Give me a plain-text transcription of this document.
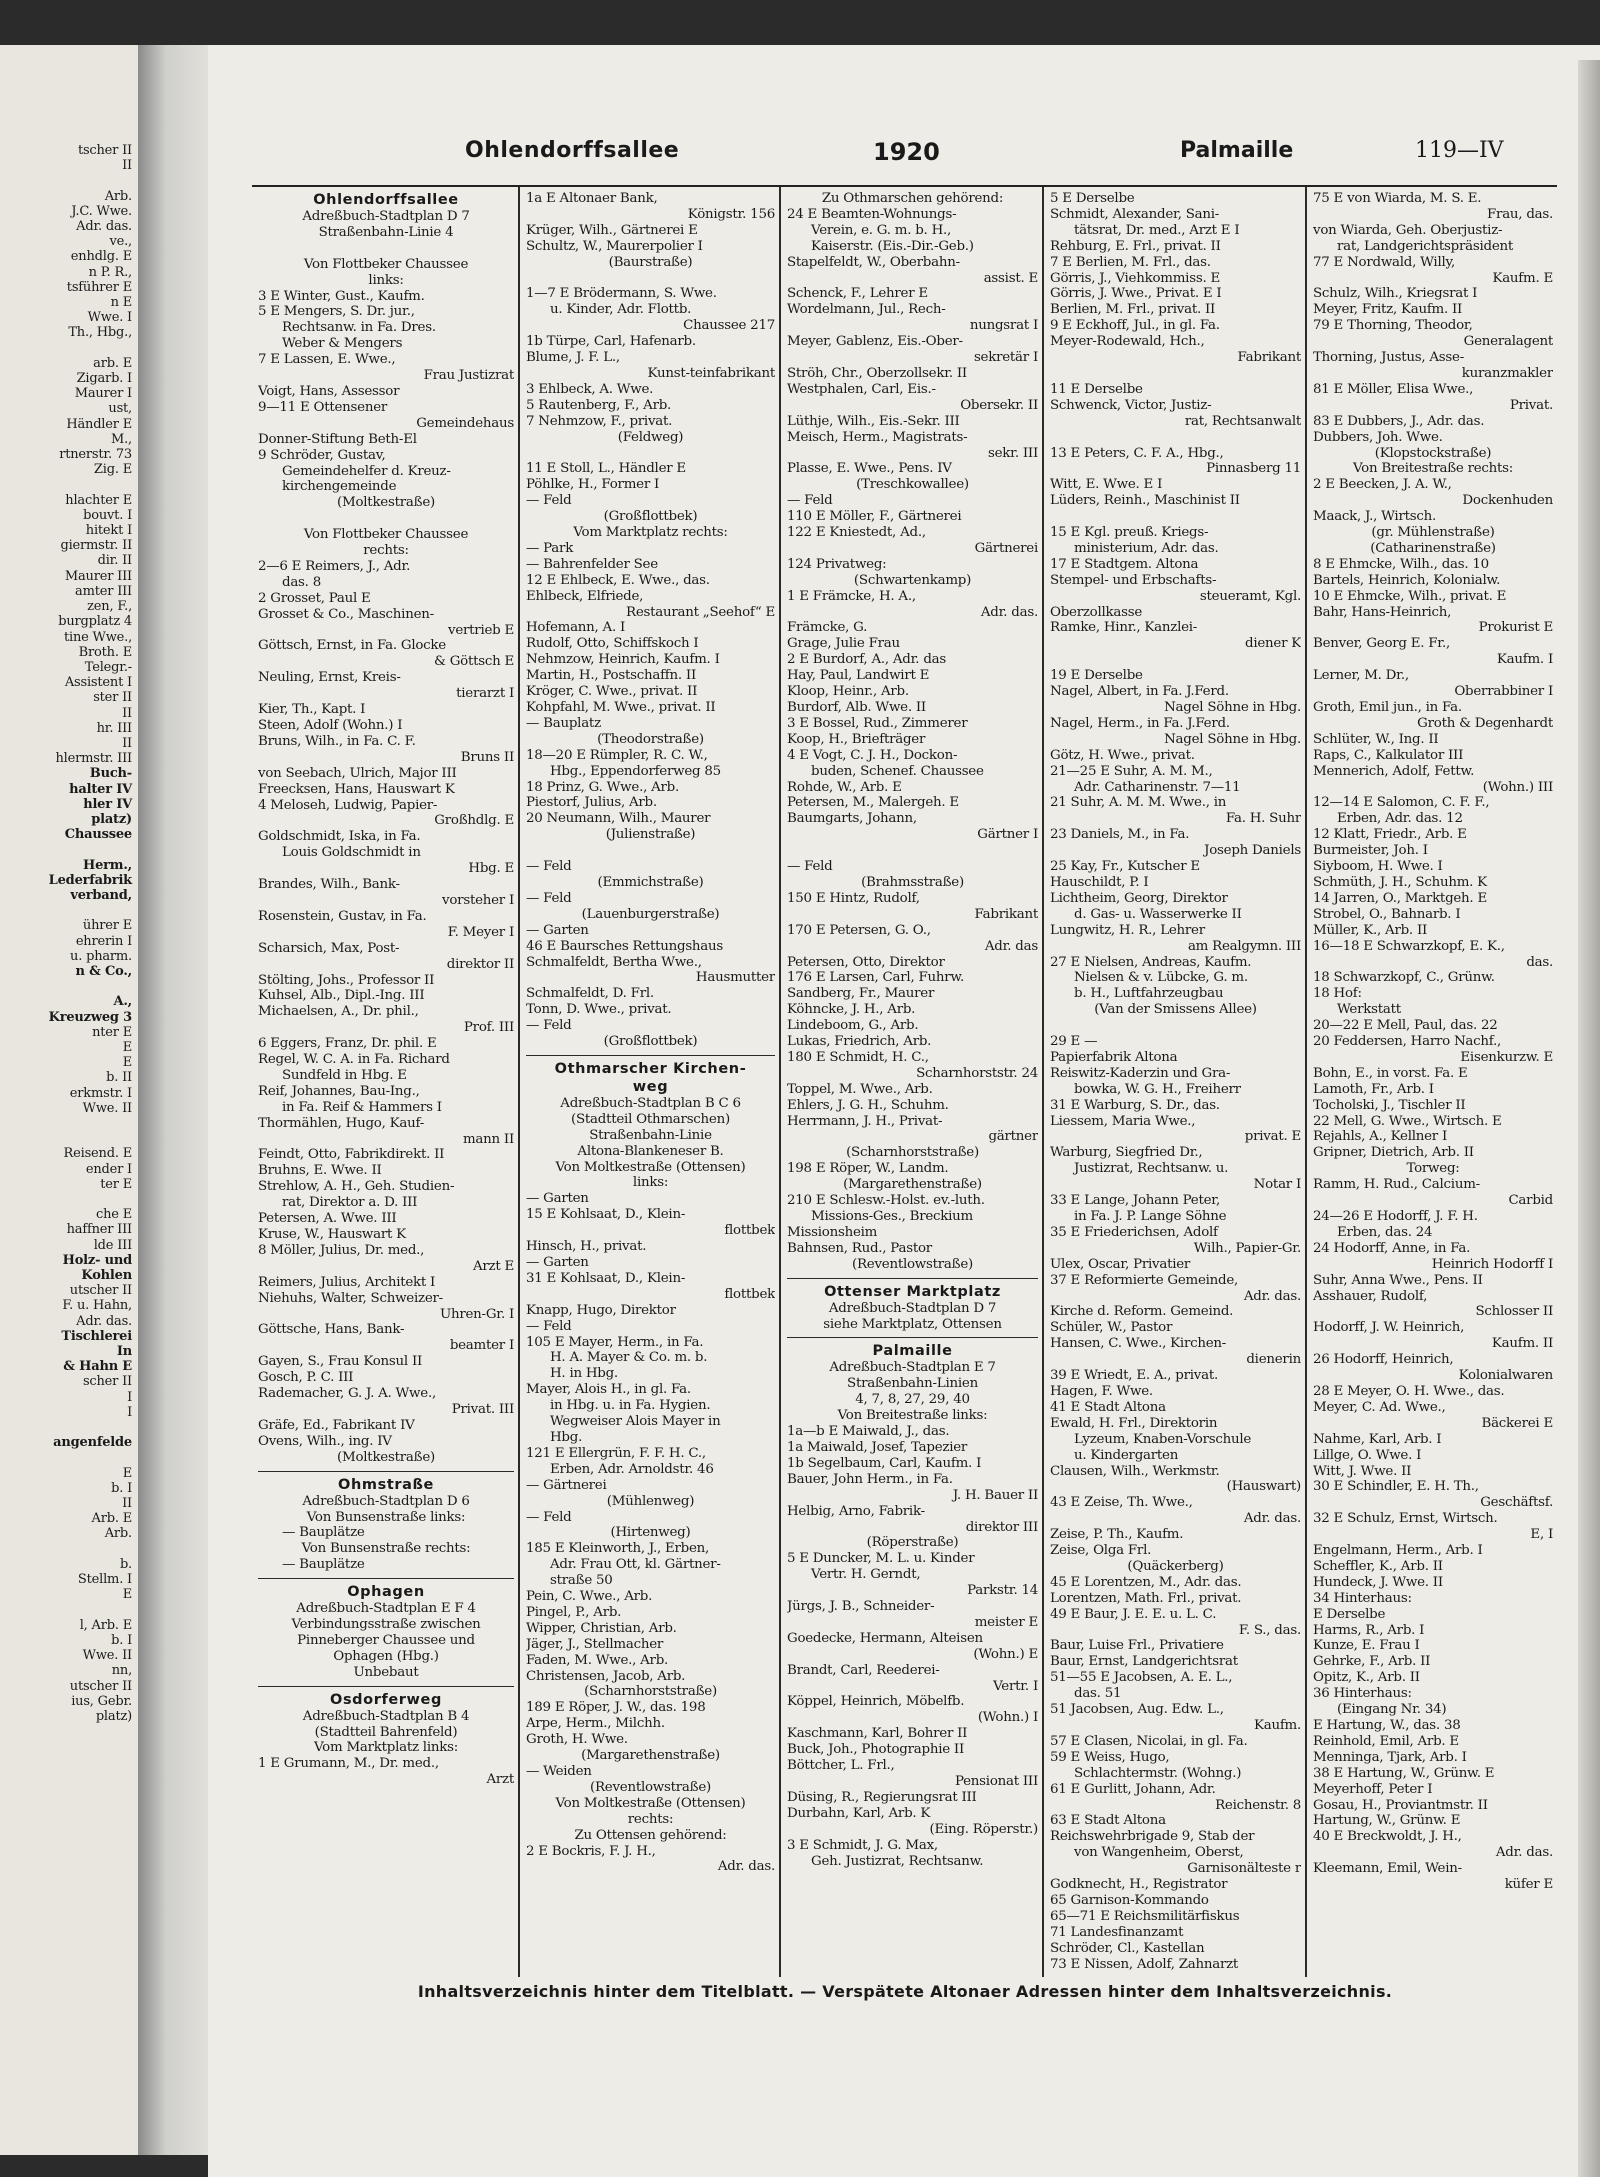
tscher II
II

Arb.
J.C. Wwe.
Adr. das.
ve.,
enhdlg. E
n P. R.,
tsführer E
n E
Wwe. I
Th., Hbg.,

arb. E
Zigarb. I
Maurer I
ust,
Händler E
M.,
rtnerstr. 73
Zig. E

hlachter E
bouvt. I
hitekt I
giermstr. II
dir. II
Maurer III
amter III
zen, F.,
burgplatz 4
tine Wwe.,
Broth. E
Telegr.-
Assistent I
ster II
II
hr. III
II
hlermstr. III
Buch-
halter IV
hler IV
platz)
Chaussee

Herm.,
Lederfabrik
verband,

ührer E
ehrerin I
u. pharm.
n & Co.,

A.,
Kreuzweg 3
nter E
E
E
b. II
erkmstr. I
Wwe. II

Reisend. E
ender I
ter E

che E
haffner III
lde III
Holz- und
Kohlen
utscher II
F. u. Hahn,
Adr. das.
Tischlerei
In
& Hahn E
scher II
I
I

angenfelde

E
b. I
II
Arb. E
Arb.

b.
Stellm. I
E

l, Arb. E
b. I
Wwe. II
nn,
utscher II
ius, Gebr.
platz)
Ohlendorffsallee	1920	Palmaille	119—IV
Ohlendorffsallee
Adreßbuch-Stadtplan D 7
Straßenbahn-Linie 4

Von Flottbeker Chaussee
links:
3 E Winter, Gust., Kaufm.
5 E Mengers, S. Dr. jur.,
Rechtsanw. in Fa. Dres.
Weber & Mengers
7 E Lassen, E. Wwe.,
Frau Justizrat
Voigt, Hans, Assessor
9—11 E Ottensener
Gemeindehaus
Donner-Stiftung Beth-El
9 Schröder, Gustav,
Gemeindehelfer d. Kreuz-
kirchengemeinde
(Moltkestraße)

Von Flottbeker Chaussee
rechts:
2—6 E Reimers, J., Adr.
das. 8
2 Grosset, Paul E
Grosset & Co., Maschinen-
vertrieb E
Göttsch, Ernst, in Fa. Glocke
& Göttsch E
Neuling, Ernst, Kreis-
tierarzt I
Kier, Th., Kapt. I
Steen, Adolf (Wohn.) I
Bruns, Wilh., in Fa. C. F.
Bruns II
von Seebach, Ulrich, Major III
Freecksen, Hans, Hauswart K
4 Meloseh, Ludwig, Papier-
Großhdlg. E
Goldschmidt, Iska, in Fa.
Louis Goldschmidt in
Hbg. E
Brandes, Wilh., Bank-
vorsteher I
Rosenstein, Gustav, in Fa.
F. Meyer I
Scharsich, Max, Post-
direktor II
Stölting, Johs., Professor II
Kuhsel, Alb., Dipl.-Ing. III
Michaelsen, A., Dr. phil.,
Prof. III
6 Eggers, Franz, Dr. phil. E
Regel, W. C. A. in Fa. Richard
Sundfeld in Hbg. E
Reif, Johannes, Bau-Ing.,
in Fa. Reif & Hammers I
Thormählen, Hugo, Kauf-
mann II
Feindt, Otto, Fabrikdirekt. II
Bruhns, E. Wwe. II
Strehlow, A. H., Geh. Studien-
rat, Direktor a. D. III
Petersen, A. Wwe. III
Kruse, W., Hauswart K
8 Möller, Julius, Dr. med.,
Arzt E
Reimers, Julius, Architekt I
Niehuhs, Walter, Schweizer-
Uhren-Gr. I
Göttsche, Hans, Bank-
beamter I
Gayen, S., Frau Konsul II
Gosch, P. C. III
Rademacher, G. J. A. Wwe.,
Privat. III
Gräfe, Ed., Fabrikant IV
Ovens, Wilh., ing. IV
(Moltkestraße)
Ohmstraße
Adreßbuch-Stadtplan D 6
Von Bunsenstraße links:
— Bauplätze
Von Bunsenstraße rechts:
— Bauplätze
Ophagen
Adreßbuch-Stadtplan E F 4
Verbindungsstraße zwischen
Pinneberger Chaussee und
Ophagen (Hbg.)
Unbebaut
Osdorferweg
Adreßbuch-Stadtplan B 4
(Stadtteil Bahrenfeld)
Vom Marktplatz links:
1 E Grumann, M., Dr. med.,
Arzt
1a E Altonaer Bank,
Königstr. 156
Krüger, Wilh., Gärtnerei E
Schultz, W., Maurerpolier I
(Baurstraße)

1—7 E Brödermann, S. Wwe.
u. Kinder, Adr. Flottb.
Chaussee 217
1b Türpe, Carl, Hafenarb.
Blume, J. F. L.,
Kunst-teinfabrikant
3 Ehlbeck, A. Wwe.
5 Rautenberg, F., Arb.
7 Nehmzow, F., privat.
(Feldweg)

11 E Stoll, L., Händler E
Pöhlke, H., Former I
— Feld
(Großflottbek)
Vom Marktplatz rechts:
— Park
— Bahrenfelder See
12 E Ehlbeck, E. Wwe., das.
Ehlbeck, Elfriede,
Restaurant „Seehof“ E
Hofemann, A. I
Rudolf, Otto, Schiffskoch I
Nehmzow, Heinrich, Kaufm. I
Martin, H., Postschaffn. II
Kröger, C. Wwe., privat. II
Kohpfahl, M. Wwe., privat. II
— Bauplatz
(Theodorstraße)
18—20 E Rümpler, R. C. W.,
Hbg., Eppendorferweg 85
18 Prinz, G. Wwe., Arb.
Piestorf, Julius, Arb.
20 Neumann, Wilh., Maurer
(Julienstraße)

— Feld
(Emmichstraße)
— Feld
(Lauenburgerstraße)
— Garten
46 E Baursches Rettungshaus
Schmalfeldt, Bertha Wwe.,
Hausmutter
Schmalfeldt, D. Frl.
Tonn, D. Wwe., privat.
— Feld
(Großflottbek)
Othmarscher Kirchen-
weg
Adreßbuch-Stadtplan B C 6
(Stadtteil Othmarschen)
Straßenbahn-Linie
Altona-Blankeneser B.
Von Moltkestraße (Ottensen)
links:
— Garten
15 E Kohlsaat, D., Klein-
flottbek
Hinsch, H., privat.
— Garten
31 E Kohlsaat, D., Klein-
flottbek
Knapp, Hugo, Direktor
— Feld
105 E Mayer, Herm., in Fa.
H. A. Mayer & Co. m. b.
H. in Hbg.
Mayer, Alois H., in gl. Fa.
in Hbg. u. in Fa. Hygien.
Wegweiser Alois Mayer in
Hbg.
121 E Ellergrün, F. F. H. C.,
Erben, Adr. Arnoldstr. 46
— Gärtnerei
(Mühlenweg)
— Feld
(Hirtenweg)
185 E Kleinworth, J., Erben,
Adr. Frau Ott, kl. Gärtner-
straße 50
Pein, C. Wwe., Arb.
Pingel, P., Arb.
Wipper, Christian, Arb.
Jäger, J., Stellmacher
Faden, M. Wwe., Arb.
Christensen, Jacob, Arb.
(Scharnhorststraße)
189 E Röper, J. W., das. 198
Arpe, Herm., Milchh.
Groth, H. Wwe.
(Margarethenstraße)
— Weiden
(Reventlowstraße)
Von Moltkestraße (Ottensen)
rechts:
Zu Ottensen gehörend:
2 E Bockris, F. J. H.,
Adr. das.
Zu Othmarschen gehörend:
24 E Beamten-Wohnungs-
Verein, e. G. m. b. H.,
Kaiserstr. (Eis.-Dir.-Geb.)
Stapelfeldt, W., Oberbahn-
assist. E
Schenck, F., Lehrer E
Wordelmann, Jul., Rech-
nungsrat I
Meyer, Gablenz, Eis.-Ober-
sekretär I
Ströh, Chr., Oberzollsekr. II
Westphalen, Carl, Eis.-
Obersekr. II
Lüthje, Wilh., Eis.-Sekr. III
Meisch, Herm., Magistrats-
sekr. III
Plasse, E. Wwe., Pens. IV
(Treschkowallee)
— Feld
110 E Möller, F., Gärtnerei
122 E Kniestedt, Ad.,
Gärtnerei
124 Privatweg:
(Schwartenkamp)
1 E Främcke, H. A.,
Adr. das.
Främcke, G.
Grage, Julie Frau
2 E Burdorf, A., Adr. das
Hay, Paul, Landwirt E
Kloop, Heinr., Arb.
Burdorf, Alb. Wwe. II
3 E Bossel, Rud., Zimmerer
Koop, H., Briefträger
4 E Vogt, C. J. H., Dockon-
buden, Schenef. Chaussee
Rohde, W., Arb. E
Petersen, M., Malergeh. E
Baumgarts, Johann,
Gärtner I

— Feld
(Brahmsstraße)
150 E Hintz, Rudolf,
Fabrikant
170 E Petersen, G. O.,
Adr. das
Petersen, Otto, Direktor
176 E Larsen, Carl, Fuhrw.
Sandberg, Fr., Maurer
Köhncke, J. H., Arb.
Lindeboom, G., Arb.
Lukas, Friedrich, Arb.
180 E Schmidt, H. C.,
Scharnhorststr. 24
Toppel, M. Wwe., Arb.
Ehlers, J. G. H., Schuhm.
Herrmann, J. H., Privat-
gärtner
(Scharnhorststraße)
198 E Röper, W., Landm.
(Margarethenstraße)
210 E Schlesw.-Holst. ev.-luth.
Missions-Ges., Breckium
Missionsheim
Bahnsen, Rud., Pastor
(Reventlowstraße)
Ottenser Marktplatz
Adreßbuch-Stadtplan D 7
siehe Marktplatz, Ottensen
Palmaille
Adreßbuch-Stadtplan E 7
Straßenbahn-Linien
4, 7, 8, 27, 29, 40
Von Breitestraße links:
1a—b E Maiwald, J., das.
1a Maiwald, Josef, Tapezier
1b Segelbaum, Carl, Kaufm. I
Bauer, John Herm., in Fa.
J. H. Bauer II
Helbig, Arno, Fabrik-
direktor III
(Röperstraße)
5 E Duncker, M. L. u. Kinder
Vertr. H. Gerndt,
Parkstr. 14
Jürgs, J. B., Schneider-
meister E
Goedecke, Hermann, Alteisen
(Wohn.) E
Brandt, Carl, Reederei-
Vertr. I
Köppel, Heinrich, Möbelfb.
(Wohn.) I
Kaschmann, Karl, Bohrer II
Buck, Joh., Photographie II
Böttcher, L. Frl.,
Pensionat III
Düsing, R., Regierungsrat III
Durbahn, Karl, Arb. K
(Eing. Röperstr.)
3 E Schmidt, J. G. Max,
Geh. Justizrat, Rechtsanw.
5 E Derselbe
Schmidt, Alexander, Sani-
tätsrat, Dr. med., Arzt E I
Rehburg, E. Frl., privat. II
7 E Berlien, M. Frl., das.
Görris, J., Viehkommiss. E
Görris, J. Wwe., Privat. E I
Berlien, M. Frl., privat. II
9 E Eckhoff, Jul., in gl. Fa.
Meyer-Rodewald, Hch.,
Fabrikant

11 E Derselbe
Schwenck, Victor, Justiz-
rat, Rechtsanwalt

13 E Peters, C. F. A., Hbg.,
Pinnasberg 11
Witt, E. Wwe. E I
Lüders, Reinh., Maschinist II

15 E Kgl. preuß. Kriegs-
ministerium, Adr. das.
17 E Stadtgem. Altona
Stempel- und Erbschafts-
steueramt, Kgl.
Oberzollkasse
Ramke, Hinr., Kanzlei-
diener K

19 E Derselbe
Nagel, Albert, in Fa. J.Ferd.
Nagel Söhne in Hbg.
Nagel, Herm., in Fa. J.Ferd.
Nagel Söhne in Hbg.
Götz, H. Wwe., privat.
21—25 E Suhr, A. M. M.,
Adr. Catharinenstr. 7—11
21 Suhr, A. M. M. Wwe., in
Fa. H. Suhr
23 Daniels, M., in Fa.
Joseph Daniels
25 Kay, Fr., Kutscher E
Hauschildt, P. I
Lichtheim, Georg, Direktor
d. Gas- u. Wasserwerke II
Lungwitz, H. R., Lehrer
am Realgymn. III
27 E Nielsen, Andreas, Kaufm.
Nielsen & v. Lübcke, G. m.
b. H., Luftfahrzeugbau
(Van der Smissens Allee)

29 E —
Papierfabrik Altona
Reiswitz-Kaderzin und Gra-
bowka, W. G. H., Freiherr
31 E Warburg, S. Dr., das.
Liessem, Maria Wwe.,
privat. E
Warburg, Siegfried Dr.,
Justizrat, Rechtsanw. u.
Notar I
33 E Lange, Johann Peter,
in Fa. J. P. Lange Söhne
35 E Friederichsen, Adolf
Wilh., Papier-Gr.
Ulex, Oscar, Privatier
37 E Reformierte Gemeinde,
Adr. das.
Kirche d. Reform. Gemeind.
Schüler, W., Pastor
Hansen, C. Wwe., Kirchen-
dienerin
39 E Wriedt, E. A., privat.
Hagen, F. Wwe.
41 E Stadt Altona
Ewald, H. Frl., Direktorin
Lyzeum, Knaben-Vorschule
u. Kindergarten
Clausen, Wilh., Werkmstr.
(Hauswart)
43 E Zeise, Th. Wwe.,
Adr. das.
Zeise, P. Th., Kaufm.
Zeise, Olga Frl.
(Quäckerberg)
45 E Lorentzen, M., Adr. das.
Lorentzen, Math. Frl., privat.
49 E Baur, J. E. E. u. L. C.
F. S., das.
Baur, Luise Frl., Privatiere
Baur, Ernst, Landgerichtsrat
51—55 E Jacobsen, A. E. L.,
das. 51
51 Jacobsen, Aug. Edw. L.,
Kaufm.
57 E Clasen, Nicolai, in gl. Fa.
59 E Weiss, Hugo,
Schlachtermstr. (Wohng.)
61 E Gurlitt, Johann, Adr.
Reichenstr. 8
63 E Stadt Altona
Reichswehrbrigade 9, Stab der
von Wangenheim, Oberst,
Garnisonälteste r
Godknecht, H., Registrator
65 Garnison-Kommando
65—71 E Reichsmilitärfiskus
71 Landesfinanzamt
Schröder, Cl., Kastellan
73 E Nissen, Adolf, Zahnarzt
75 E von Wiarda, M. S. E.
Frau, das.
von Wiarda, Geh. Oberjustiz-
rat, Landgerichtspräsident
77 E Nordwald, Willy,
Kaufm. E
Schulz, Wilh., Kriegsrat I
Meyer, Fritz, Kaufm. II
79 E Thorning, Theodor,
Generalagent
Thorning, Justus, Asse-
kuranzmakler
81 E Möller, Elisa Wwe.,
Privat.
83 E Dubbers, J., Adr. das.
Dubbers, Joh. Wwe.
(Klopstockstraße)
Von Breitestraße rechts:
2 E Beecken, J. A. W.,
Dockenhuden
Maack, J., Wirtsch.
(gr. Mühlenstraße)
(Catharinenstraße)
8 E Ehmcke, Wilh., das. 10
Bartels, Heinrich, Kolonialw.
10 E Ehmcke, Wilh., privat. E
Bahr, Hans-Heinrich,
Prokurist E
Benver, Georg E. Fr.,
Kaufm. I
Lerner, M. Dr.,
Oberrabbiner I
Groth, Emil jun., in Fa.
Groth & Degenhardt
Schlüter, W., Ing. II
Raps, C., Kalkulator III
Mennerich, Adolf, Fettw.
(Wohn.) III
12—14 E Salomon, C. F. F.,
Erben, Adr. das. 12
12 Klatt, Friedr., Arb. E
Burmeister, Joh. I
Siyboom, H. Wwe. I
Schmüth, J. H., Schuhm. K
14 Jarren, O., Marktgeh. E
Strobel, O., Bahnarb. I
Müller, K., Arb. II
16—18 E Schwarzkopf, E. K.,
das.
18 Schwarzkopf, C., Grünw.
18 Hof:
Werkstatt
20—22 E Mell, Paul, das. 22
20 Feddersen, Harro Nachf.,
Eisenkurzw. E
Bohn, E., in vorst. Fa. E
Lamoth, Fr., Arb. I
Tocholski, J., Tischler II
22 Mell, G. Wwe., Wirtsch. E
Rejahls, A., Kellner I
Gripner, Dietrich, Arb. II
Torweg:
Ramm, H. Rud., Calcium-
Carbid
24—26 E Hodorff, J. F. H.
Erben, das. 24
24 Hodorff, Anne, in Fa.
Heinrich Hodorff I
Suhr, Anna Wwe., Pens. II
Asshauer, Rudolf,
Schlosser II
Hodorff, J. W. Heinrich,
Kaufm. II
26 Hodorff, Heinrich,
Kolonialwaren
28 E Meyer, O. H. Wwe., das.
Meyer, C. Ad. Wwe.,
Bäckerei E
Nahme, Karl, Arb. I
Lillge, O. Wwe. I
Witt, J. Wwe. II
30 E Schindler, E. H. Th.,
Geschäftsf.
32 E Schulz, Ernst, Wirtsch.
E, I
Engelmann, Herm., Arb. I
Scheffler, K., Arb. II
Hundeck, J. Wwe. II
34 Hinterhaus:
E Derselbe
Harms, R., Arb. I
Kunze, E. Frau I
Gehrke, F., Arb. II
Opitz, K., Arb. II
36 Hinterhaus:
(Eingang Nr. 34)
E Hartung, W., das. 38
Reinhold, Emil, Arb. E
Menninga, Tjark, Arb. I
38 E Hartung, W., Grünw. E
Meyerhoff, Peter I
Gosau, H., Proviantmstr. II
Hartung, W., Grünw. E
40 E Breckwoldt, J. H.,
Adr. das.
Kleemann, Emil, Wein-
küfer E
Inhaltsverzeichnis hinter dem Titelblatt. — Verspätete Altonaer Adressen hinter dem Inhaltsverzeichnis.
